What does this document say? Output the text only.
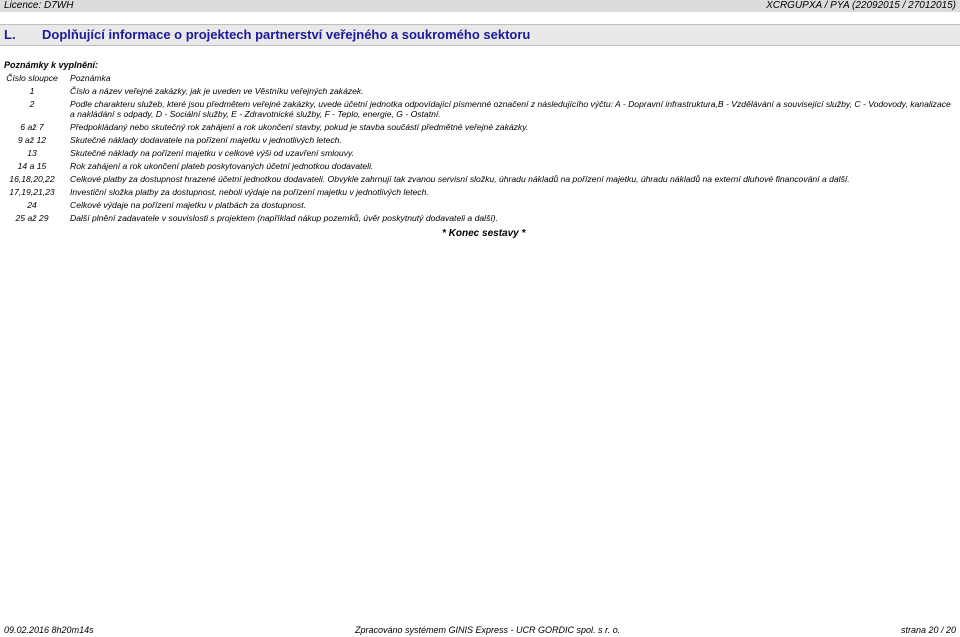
Licence: D7WH	XCRGUPXA / PYA (22092015 / 27012015)
L. Doplňující informace o projektech partnerství veřejného a soukromého sektoru
Poznámky k vyplnění:
Číslo sloupce	Poznámka
1	Číslo a název veřejné zakázky, jak je uveden ve Věstníku veřejných zakázek.
2	Podle charakteru služeb, které jsou předmětem veřejné zakázky, uvede účetní jednotka odpovídající písmenné označení z následujícího výčtu: A - Dopravní infrastruktura,B - Vzdělávání a související služby, C - Vodovody, kanalizace a nakládání s odpady, D - Sociální služby, E - Zdravotnické služby, F - Teplo, energie, G - Ostatní.
6 až 7	Předpokládaný nebo skutečný rok zahájení a rok ukončení stavby, pokud je stavba součástí předmětné veřejné zakázky.
9 až 12	Skutečné náklady dodavatele na pořízení majetku v jednotlivých letech.
13	Skutečné náklady na pořízení majetku v celkové výši od uzavření smlouvy.
14 a 15	Rok zahájení a rok ukončení plateb poskytovaných účetní jednotkou dodavateli.
16,18,20,22	Celkové platby za dostupnost hrazené účetní jednotkou dodavateli. Obvykle zahrnují tak zvanou servisní složku, úhradu nákladů na pořízení majetku, úhradu nákladů na externí dluhové financování a další.
17,19,21,23	Investiční složka platby za dostupnost, neboli výdaje na pořízení majetku v jednotlivých letech.
24	Celkové výdaje na pořízení majetku v platbách za dostupnost.
25 až 29	Další plnění zadavatele v souvislosti s projektem (například nákup pozemků, úvěr poskytnutý dodavateli a další).
* Konec sestavy *
09.02.2016 8h20m14s	Zpracováno systémem GINIS Express - UCR GORDIC spol. s r. o.	strana 20 / 20
